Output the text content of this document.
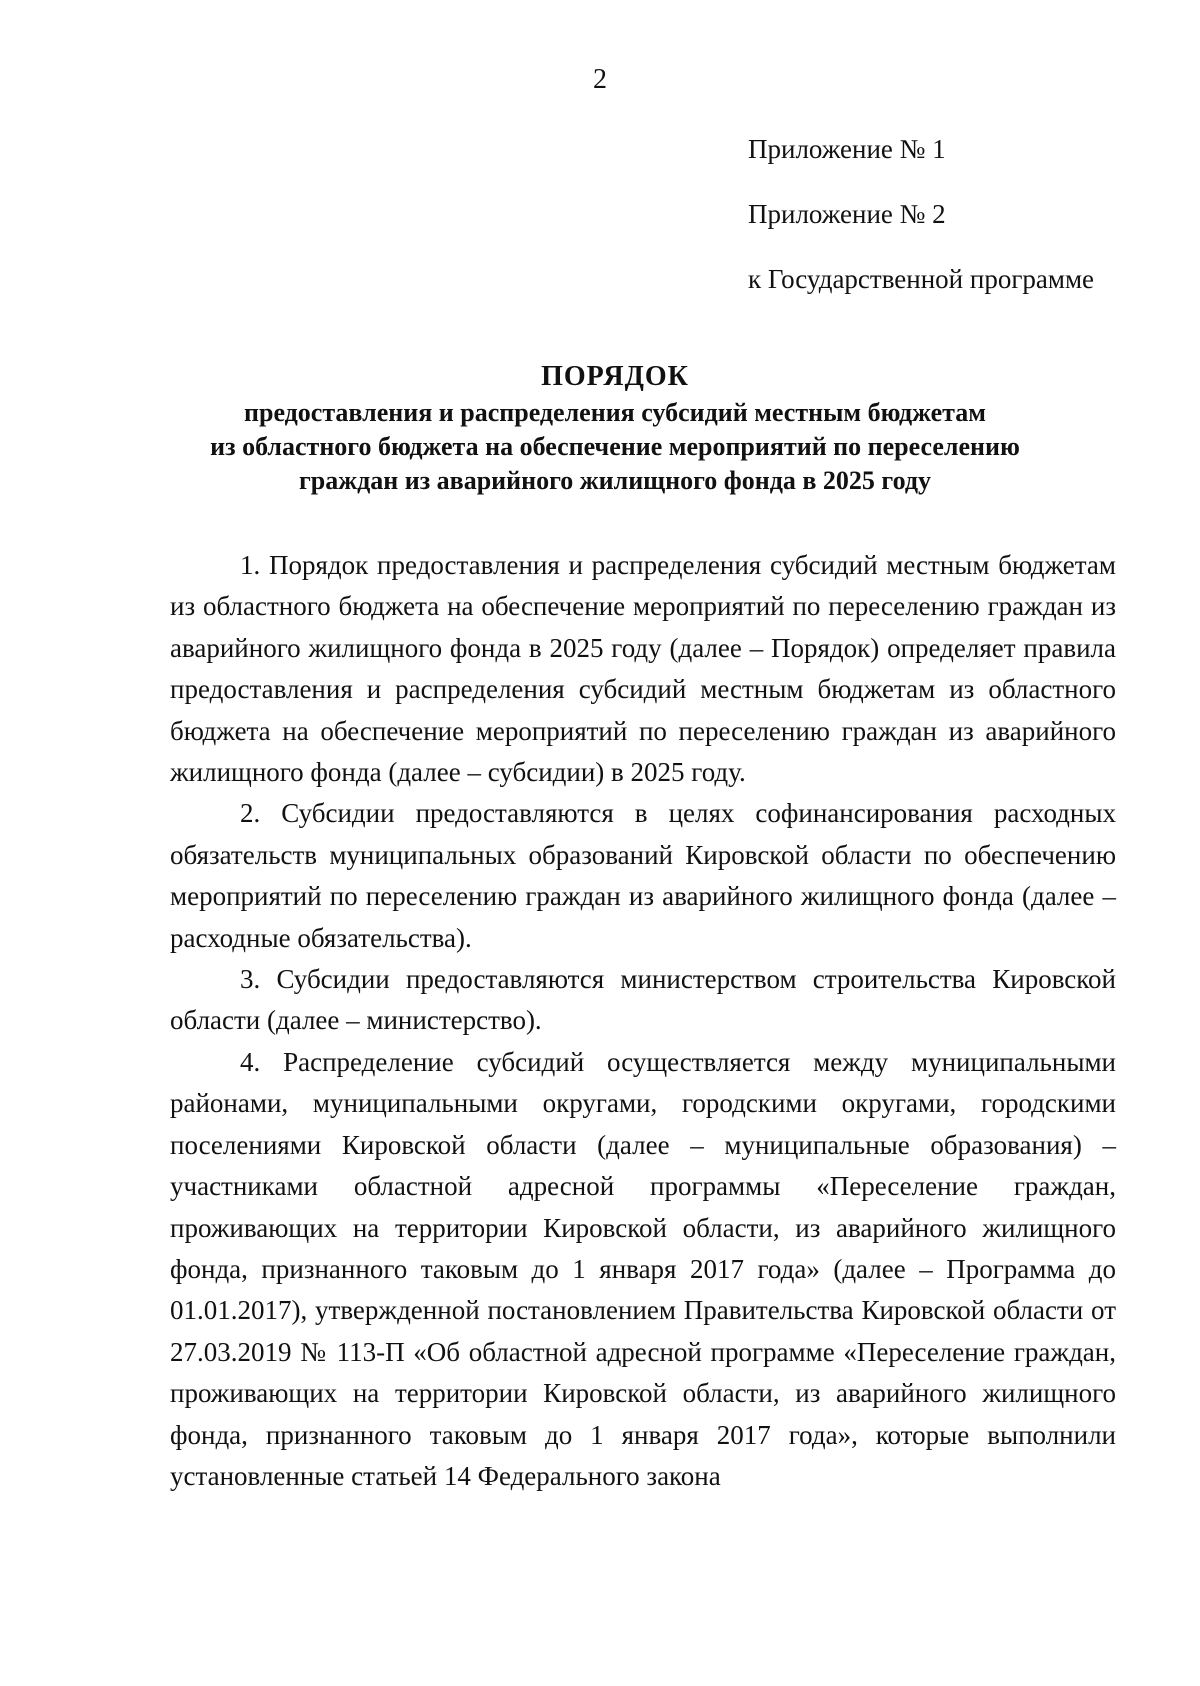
2
Приложение № 1
Приложение № 2
к Государственной программе
ПОРЯДОК
предоставления и распределения субсидий местным бюджетам
из областного бюджета на обеспечение мероприятий по переселению
граждан из аварийного жилищного фонда в 2025 году

1. Порядок предоставления и распределения субсидий местным бюджетам из областного бюджета на обеспечение мероприятий по переселению граждан из аварийного жилищного фонда в 2025 году (далее – Порядок) определяет правила предоставления и распределения субсидий местным бюджетам из областного бюджета на обеспечение мероприятий по переселению граждан из аварийного жилищного фонда (далее – субсидии) в 2025 году.

2. Субсидии предоставляются в целях софинансирования расходных обязательств муниципальных образований Кировской области по обеспечению мероприятий по переселению граждан из аварийного жилищного фонда (далее – расходные обязательства).

3. Субсидии предоставляются министерством строительства Кировской области (далее – министерство).

4. Распределение субсидий осуществляется между муниципальными районами, муниципальными округами, городскими округами, городскими поселениями Кировской области (далее – муниципальные образования) – участниками областной адресной программы «Переселение граждан, проживающих на территории Кировской области, из аварийного жилищного фонда, признанного таковым до 1 января 2017 года» (далее – Программа до 01.01.2017), утвержденной постановлением Правительства Кировской области от 27.03.2019 № 113-П «Об областной адресной программе «Переселение граждан, проживающих на территории Кировской области, из аварийного жилищного фонда, признанного таковым до 1 января 2017 года», которые выполнили установленные статьей 14 Федерального закона
